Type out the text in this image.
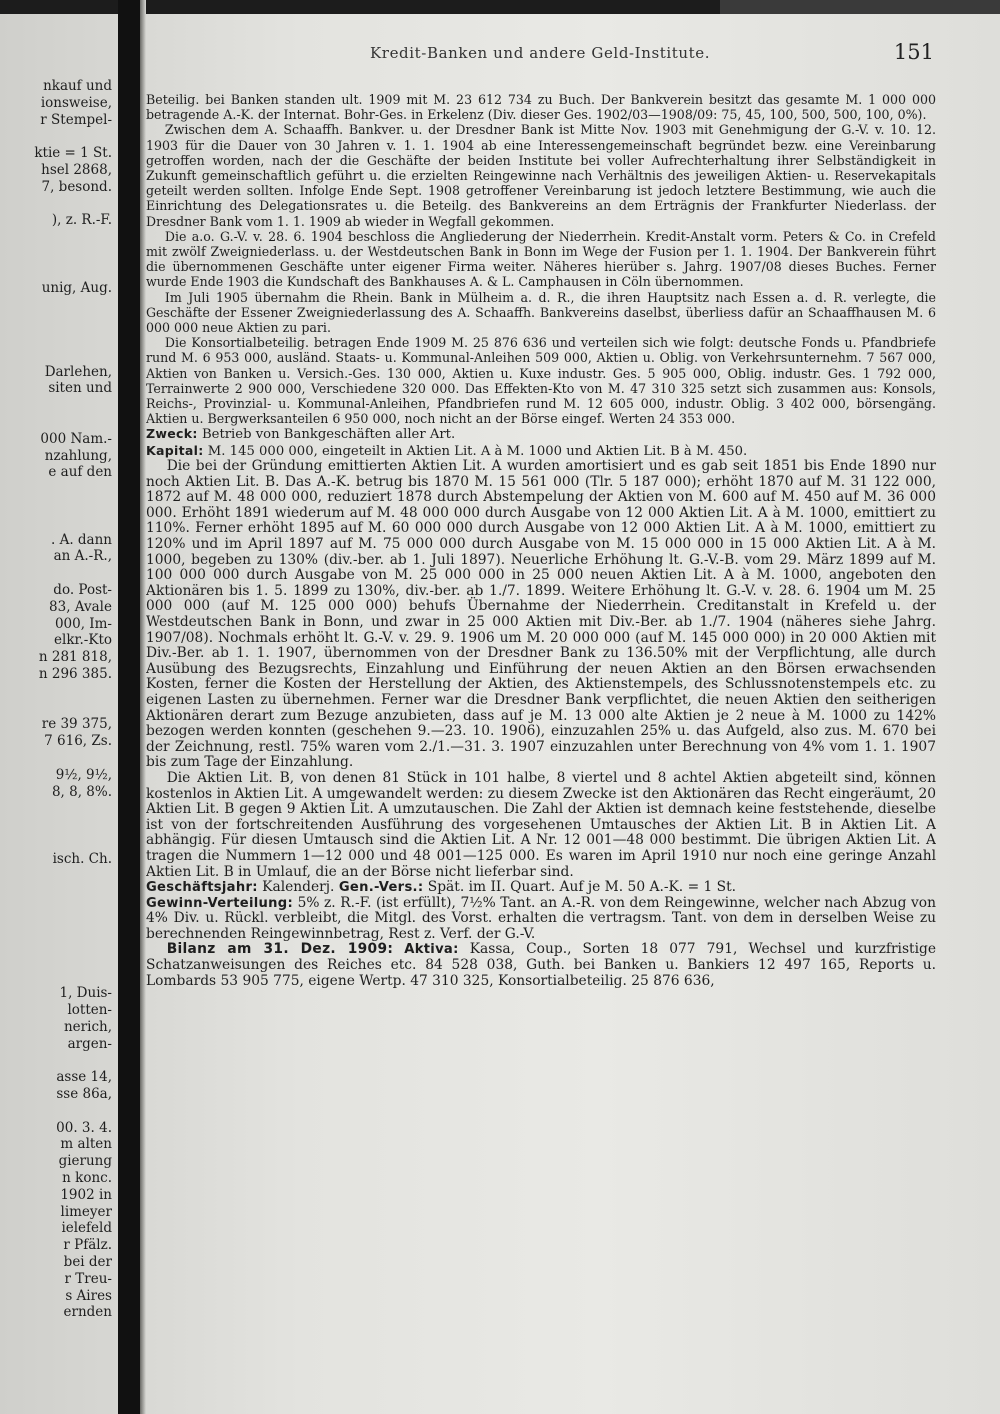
nkauf und
ionsweise,
r Stempel-
ktie = 1 St.
hsel 2868,
7, besond.
), z. R.-F.
unig, Aug.
Darlehen,
siten und
000 Nam.-
nzahlung,
e auf den
. A. dann
an A.-R.,
do. Post-
83, Avale
000, Im-
elkr.-Kto
n 281 818,
n 296 385.
re 39 375,
7 616, Zs.
9½, 9½,
8, 8, 8%.
isch. Ch.
1, Duis-
lotten-
nerich,
argen-
asse 14,
sse 86a,
00. 3. 4.
m alten
gierung
n konc.
1902 in
limeyer
ielefeld
r Pfälz.
bei der
r Treu-
s Aires
ernden
Kredit-Banken und andere Geld-Institute.	151

Beteilig. bei Banken standen ult. 1909 mit M. 23 612 734 zu Buch. Der Bankverein besitzt das gesamte M. 1 000 000 betragende A.-K. der Internat. Bohr-Ges. in Erkelenz (Div. dieser Ges. 1902/03—1908/09: 75, 45, 100, 500, 500, 100, 0%).

Zwischen dem A. Schaaffh. Bankver. u. der Dresdner Bank ist Mitte Nov. 1903 mit Genehmigung der G.-V. v. 10. 12. 1903 für die Dauer von 30 Jahren v. 1. 1. 1904 ab eine Interessengemeinschaft begründet bezw. eine Vereinbarung getroffen worden, nach der die Geschäfte der beiden Institute bei voller Aufrechterhaltung ihrer Selbständigkeit in Zukunft gemeinschaftlich geführt u. die erzielten Reingewinne nach Verhältnis des jeweiligen Aktien- u. Reservekapitals geteilt werden sollten. Infolge Ende Sept. 1908 getroffener Vereinbarung ist jedoch letztere Bestimmung, wie auch die Einrichtung des Delegationsrates u. die Beteilg. des Bankvereins an dem Erträgnis der Frankfurter Niederlass. der Dresdner Bank vom 1. 1. 1909 ab wieder in Wegfall gekommen.

Die a.o. G.-V. v. 28. 6. 1904 beschloss die Angliederung der Niederrhein. Kredit-Anstalt vorm. Peters & Co. in Crefeld mit zwölf Zweigniederlass. u. der Westdeutschen Bank in Bonn im Wege der Fusion per 1. 1. 1904. Der Bankverein führt die übernommenen Geschäfte unter eigener Firma weiter. Näheres hierüber s. Jahrg. 1907/08 dieses Buches. Ferner wurde Ende 1903 die Kundschaft des Bankhauses A. & L. Camphausen in Cöln übernommen.

Im Juli 1905 übernahm die Rhein. Bank in Mülheim a. d. R., die ihren Hauptsitz nach Essen a. d. R. verlegte, die Geschäfte der Essener Zweigniederlassung des A. Schaaffh. Bankvereins daselbst, überliess dafür an Schaaffhausen M. 6 000 000 neue Aktien zu pari.

Die Konsortialbeteilig. betragen Ende 1909 M. 25 876 636 und verteilen sich wie folgt: deutsche Fonds u. Pfandbriefe rund M. 6 953 000, ausländ. Staats- u. Kommunal-Anleihen 509 000, Aktien u. Oblig. von Verkehrsunternehm. 7 567 000, Aktien von Banken u. Versich.-Ges. 130 000, Aktien u. Kuxe industr. Ges. 5 905 000, Oblig. industr. Ges. 1 792 000, Terrainwerte 2 900 000, Verschiedene 320 000. Das Effekten-Kto von M. 47 310 325 setzt sich zusammen aus: Konsols, Reichs-, Provinzial- u. Kommunal-Anleihen, Pfandbriefen rund M. 12 605 000, industr. Oblig. 3 402 000, börsengäng. Aktien u. Bergwerksanteilen 6 950 000, noch nicht an der Börse eingef. Werten 24 353 000.

Zweck: Betrieb von Bankgeschäften aller Art.

Kapital: M. 145 000 000, eingeteilt in Aktien Lit. A à M. 1000 und Aktien Lit. B à M. 450.

Die bei der Gründung emittierten Aktien Lit. A wurden amortisiert und es gab seit 1851 bis Ende 1890 nur noch Aktien Lit. B. Das A.-K. betrug bis 1870 M. 15 561 000 (Tlr. 5 187 000); erhöht 1870 auf M. 31 122 000, 1872 auf M. 48 000 000, reduziert 1878 durch Abstempelung der Aktien von M. 600 auf M. 450 auf M. 36 000 000. Erhöht 1891 wiederum auf M. 48 000 000 durch Ausgabe von 12 000 Aktien Lit. A à M. 1000, emittiert zu 110%. Ferner erhöht 1895 auf M. 60 000 000 durch Ausgabe von 12 000 Aktien Lit. A à M. 1000, emittiert zu 120% und im April 1897 auf M. 75 000 000 durch Ausgabe von M. 15 000 000 in 15 000 Aktien Lit. A à M. 1000, begeben zu 130% (div.-ber. ab 1. Juli 1897). Neuerliche Erhöhung lt. G.-V.-B. vom 29. März 1899 auf M. 100 000 000 durch Ausgabe von M. 25 000 000 in 25 000 neuen Aktien Lit. A à M. 1000, angeboten den Aktionären bis 1. 5. 1899 zu 130%, div.-ber. ab 1./7. 1899. Weitere Erhöhung lt. G.-V. v. 28. 6. 1904 um M. 25 000 000 (auf M. 125 000 000) behufs Übernahme der Niederrhein. Creditanstalt in Krefeld u. der Westdeutschen Bank in Bonn, und zwar in 25 000 Aktien mit Div.-Ber. ab 1./7. 1904 (näheres siehe Jahrg. 1907/08). Nochmals erhöht lt. G.-V. v. 29. 9. 1906 um M. 20 000 000 (auf M. 145 000 000) in 20 000 Aktien mit Div.-Ber. ab 1. 1. 1907, übernommen von der Dresdner Bank zu 136.50% mit der Verpflichtung, alle durch Ausübung des Bezugsrechts, Einzahlung und Einführung der neuen Aktien an den Börsen erwachsenden Kosten, ferner die Kosten der Herstellung der Aktien, des Aktienstempels, des Schlussnotenstempels etc. zu eigenen Lasten zu übernehmen. Ferner war die Dresdner Bank verpflichtet, die neuen Aktien den seitherigen Aktionären derart zum Bezuge anzubieten, dass auf je M. 13 000 alte Aktien je 2 neue à M. 1000 zu 142% bezogen werden konnten (geschehen 9.—23. 10. 1906), einzuzahlen 25% u. das Aufgeld, also zus. M. 670 bei der Zeichnung, restl. 75% waren vom 2./1.—31. 3. 1907 einzuzahlen unter Berechnung von 4% vom 1. 1. 1907 bis zum Tage der Einzahlung.

Die Aktien Lit. B, von denen 81 Stück in 101 halbe, 8 viertel und 8 achtel Aktien abgeteilt sind, können kostenlos in Aktien Lit. A umgewandelt werden: zu diesem Zwecke ist den Aktionären das Recht eingeräumt, 20 Aktien Lit. B gegen 9 Aktien Lit. A umzutauschen. Die Zahl der Aktien ist demnach keine feststehende, dieselbe ist von der fortschreitenden Ausführung des vorgesehenen Umtausches der Aktien Lit. B in Aktien Lit. A abhängig. Für diesen Umtausch sind die Aktien Lit. A Nr. 12 001—48 000 bestimmt. Die übrigen Aktien Lit. A tragen die Nummern 1—12 000 und 48 001—125 000. Es waren im April 1910 nur noch eine geringe Anzahl Aktien Lit. B in Umlauf, die an der Börse nicht lieferbar sind.

Geschäftsjahr: Kalenderj. Gen.-Vers.: Spät. im II. Quart. Auf je M. 50 A.-K. = 1 St.

Gewinn-Verteilung: 5% z. R.-F. (ist erfüllt), 7½% Tant. an A.-R. von dem Reingewinne, welcher nach Abzug von 4% Div. u. Rückl. verbleibt, die Mitgl. des Vorst. erhalten die vertragsm. Tant. von dem in derselben Weise zu berechnenden Reingewinnbetrag, Rest z. Verf. der G.-V.

Bilanz am 31. Dez. 1909: Aktiva: Kassa, Coup., Sorten 18 077 791, Wechsel und kurzfristige Schatzanweisungen des Reiches etc. 84 528 038, Guth. bei Banken u. Bankiers 12 497 165, Reports u. Lombards 53 905 775, eigene Wertp. 47 310 325, Konsortialbeteilig. 25 876 636,
